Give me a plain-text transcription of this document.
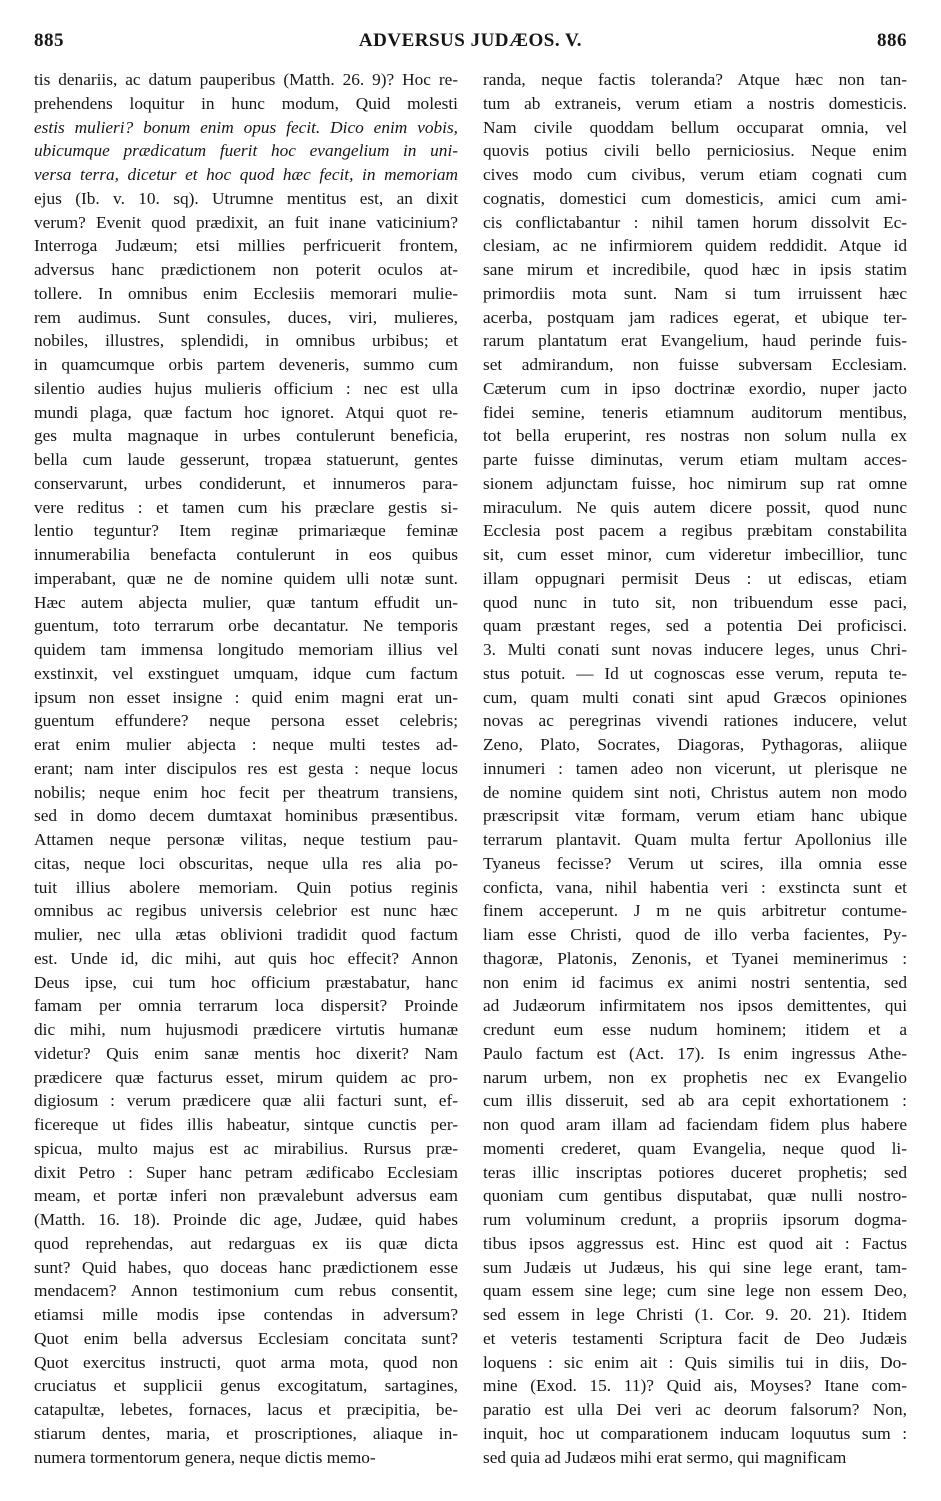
885	ADVERSUS JUDÆOS. V.	886
tis denariis, ac datum pauperibus (Matth. 26. 9)? Hoc re-
prehendens loquitur in hunc modum, Quid molesti
estis mulieri? bonum enim opus fecit. Dico enim vobis,
ubicumque prædicatum fuerit hoc evangelium in uni-
versa terra, dicetur et hoc quod hæc fecit, in memoriam
ejus (Ib. v. 10. sq). Utrumne mentitus est, an dixit
verum? Evenit quod prædixit, an fuit inane vaticinium?
Interroga Judæum; etsi millies perfricuerit frontem,
adversus hanc prædictionem non poterit oculos at-
tollere. In omnibus enim Ecclesiis memorari mulie-
rem audimus. Sunt consules, duces, viri, mulieres,
nobiles, illustres, splendidi, in omnibus urbibus; et
in quamcumque orbis partem deveneris, summo cum
silentio audies hujus mulieris officium : nec est ulla
mundi plaga, quæ factum hoc ignoret. Atqui quot re-
ges multa magnaque in urbes contulerunt beneficia,
bella cum laude gesserunt, tropæa statuerunt, gentes
conservarunt, urbes condiderunt, et innumeros para-
vere reditus : et tamen cum his præclare gestis si-
lentio teguntur? Item reginæ primariæque feminæ
innumerabilia benefacta contulerunt in eos quibus
imperabant, quæ ne de nomine quidem ulli notæ sunt.
Hæc autem abjecta mulier, quæ tantum effudit un-
guentum, toto terrarum orbe decantatur. Ne temporis
quidem tam immensa longitudo memoriam illius vel
exstinxit, vel exstinguet umquam, idque cum factum
ipsum non esset insigne : quid enim magni erat un-
guentum effundere? neque persona esset celebris;
erat enim mulier abjecta : neque multi testes ad-
erant; nam inter discipulos res est gesta : neque locus
nobilis; neque enim hoc fecit per theatrum transiens,
sed in domo decem dumtaxat hominibus præsentibus.
Attamen neque personæ vilitas, neque testium pau-
citas, neque loci obscuritas, neque ulla res alia po-
tuit illius abolere memoriam. Quin potius reginis
omnibus ac regibus universis celebrior est nunc hæc
mulier, nec ulla ætas oblivioni tradidit quod factum
est. Unde id, dic mihi, aut quis hoc effecit? Annon
Deus ipse, cui tum hoc officium præstabatur, hanc
famam per omnia terrarum loca dispersit? Proinde
dic mihi, num hujusmodi prædicere virtutis humanæ
videtur? Quis enim sanæ mentis hoc dixerit? Nam
prædicere quæ facturus esset, mirum quidem ac pro-
digiosum : verum prædicere quæ alii facturi sunt, ef-
ficereque ut fides illis habeatur, sintque cunctis per-
spicua, multo majus est ac mirabilius. Rursus præ-
dixit Petro : Super hanc petram ædificabo Ecclesiam
meam, et portæ inferi non prævalebunt adversus eam
(Matth. 16. 18). Proinde dic age, Judæe, quid habes
quod reprehendas, aut redarguas ex iis quæ dicta
sunt? Quid habes, quo doceas hanc prædictionem esse
mendacem? Annon testimonium cum rebus consentit,
etiamsi mille modis ipse contendas in adversum?
Quot enim bella adversus Ecclesiam concitata sunt?
Quot exercitus instructi, quot arma mota, quod non
cruciatus et supplicii genus excogitatum, sartagines,
catapultæ, lebetes, fornaces, lacus et præcipitia, be-
stiarum dentes, maria, et proscriptiones, aliaque in-
numera tormentorum genera, neque dictis memo-
randa, neque factis toleranda? Atque hæc non tan-
tum ab extraneis, verum etiam a nostris domesticis.
Nam civile quoddam bellum occuparat omnia, vel
quovis potius civili bello perniciosius. Neque enim
cives modo cum civibus, verum etiam cognati cum
cognatis, domestici cum domesticis, amici cum ami-
cis conflictabantur : nihil tamen horum dissolvit Ec-
clesiam, ac ne infirmiorem quidem reddidit. Atque id
sane mirum et incredibile, quod hæc in ipsis statim
primordiis mota sunt. Nam si tum irruissent hæc
acerba, postquam jam radices egerat, et ubique ter-
rarum plantatum erat Evangelium, haud perinde fuis-
set admirandum, non fuisse subversam Ecclesiam.
Cæterum cum in ipso doctrinæ exordio, nuper jacto
fidei semine, teneris etiamnum auditorum mentibus,
tot bella eruperint, res nostras non solum nulla ex
parte fuisse diminutas, verum etiam multam acces-
sionem adjunctam fuisse, hoc nimirum sup rat omne
miraculum. Ne quis autem dicere possit, quod nunc
Ecclesia post pacem a regibus præbitam constabilita
sit, cum esset minor, cum videretur imbecillior, tunc
illam oppugnari permisit Deus : ut ediscas, etiam
quod nunc in tuto sit, non tribuendum esse paci,
quam præstant reges, sed a potentia Dei proficisci.
3. Multi conati sunt novas inducere leges, unus Chri-
stus potuit. — Id ut cognoscas esse verum, reputa te-
cum, quam multi conati sint apud Græcos opiniones
novas ac peregrinas vivendi rationes inducere, velut
Zeno, Plato, Socrates, Diagoras, Pythagoras, aliique
innumeri : tamen adeo non vicerunt, ut plerisque ne
de nomine quidem sint noti, Christus autem non modo
præscripsit vitæ formam, verum etiam hanc ubique
terrarum plantavit. Quam multa fertur Apollonius ille
Tyaneus fecisse? Verum ut scires, illa omnia esse
conficta, vana, nihil habentia veri : exstincta sunt et
finem acceperunt. J m ne quis arbitretur contume-
liam esse Christi, quod de illo verba facientes, Py-
thagoræ, Platonis, Zenonis, et Tyanei meminerimus :
non enim id facimus ex animi nostri sententia, sed
ad Judæorum infirmitatem nos ipsos demittentes, qui
credunt eum esse nudum hominem; itidem et a
Paulo factum est (Act. 17). Is enim ingressus Athe-
narum urbem, non ex prophetis nec ex Evangelio
cum illis disseruit, sed ab ara cepit exhortationem :
non quod aram illam ad faciendam fidem plus habere
momenti crederet, quam Evangelia, neque quod li-
teras illic inscriptas potiores duceret prophetis; sed
quoniam cum gentibus disputabat, quæ nulli nostro-
rum voluminum credunt, a propriis ipsorum dogma-
tibus ipsos aggressus est. Hinc est quod ait : Factus
sum Judæis ut Judæus, his qui sine lege erant, tam-
quam essem sine lege; cum sine lege non essem Deo,
sed essem in lege Christi (1. Cor. 9. 20. 21). Itidem
et veteris testamenti Scriptura facit de Deo Judæis
loquens : sic enim ait : Quis similis tui in diis, Do-
mine (Exod. 15. 11)? Quid ais, Moyses? Itane com-
paratio est ulla Dei veri ac deorum falsorum? Non,
inquit, hoc ut comparationem inducam loquutus sum :
sed quia ad Judæos mihi erat sermo, qui magnificam
